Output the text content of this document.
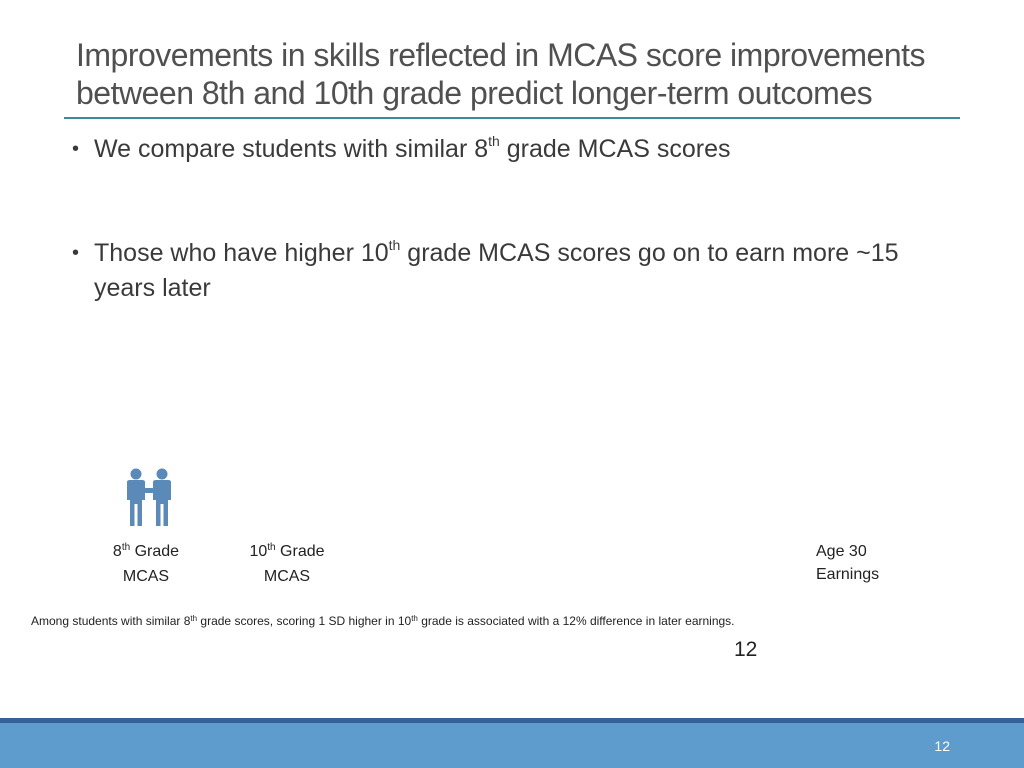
Improvements in skills reflected in MCAS score improvements
between 8th and 10th grade predict longer-term outcomes
• We compare students with similar 8th grade MCAS scores
• Those who have higher 10th grade MCAS scores go on to earn more ~15 years later
8th Grade
MCAS
10th Grade
MCAS
Age 30
Earnings
Among students with similar 8th grade scores, scoring 1 SD higher in 10th grade is associated with a 12% difference in later earnings.
12
12
